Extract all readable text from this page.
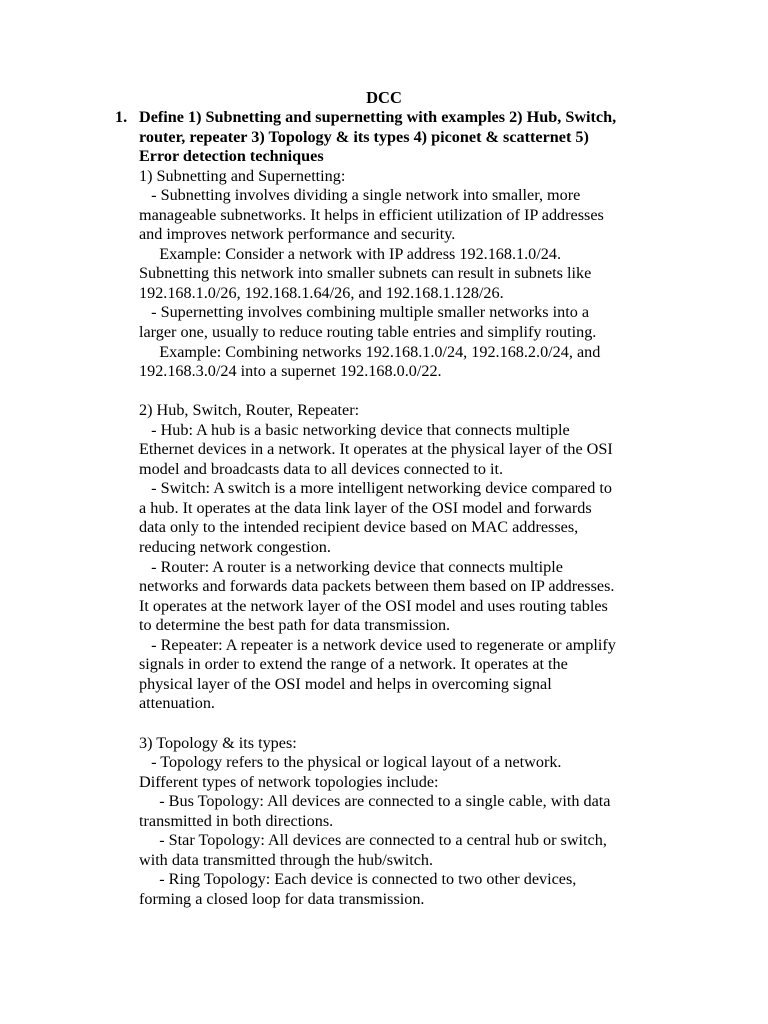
DCC
1. Define 1) Subnetting and supernetting with examples 2) Hub, Switch,
router, repeater 3) Topology & its types 4) piconet & scatternet 5)
Error detection techniques
1) Subnetting and Supernetting:
- Subnetting involves dividing a single network into smaller, more
manageable subnetworks. It helps in efficient utilization of IP addresses
and improves network performance and security.
Example: Consider a network with IP address 192.168.1.0/24.
Subnetting this network into smaller subnets can result in subnets like
192.168.1.0/26, 192.168.1.64/26, and 192.168.1.128/26.
- Supernetting involves combining multiple smaller networks into a
larger one, usually to reduce routing table entries and simplify routing.
Example: Combining networks 192.168.1.0/24, 192.168.2.0/24, and
192.168.3.0/24 into a supernet 192.168.0.0/22.
2) Hub, Switch, Router, Repeater:
- Hub: A hub is a basic networking device that connects multiple
Ethernet devices in a network. It operates at the physical layer of the OSI
model and broadcasts data to all devices connected to it.
- Switch: A switch is a more intelligent networking device compared to
a hub. It operates at the data link layer of the OSI model and forwards
data only to the intended recipient device based on MAC addresses,
reducing network congestion.
- Router: A router is a networking device that connects multiple
networks and forwards data packets between them based on IP addresses.
It operates at the network layer of the OSI model and uses routing tables
to determine the best path for data transmission.
- Repeater: A repeater is a network device used to regenerate or amplify
signals in order to extend the range of a network. It operates at the
physical layer of the OSI model and helps in overcoming signal
attenuation.
3) Topology & its types:
- Topology refers to the physical or logical layout of a network.
Different types of network topologies include:
- Bus Topology: All devices are connected to a single cable, with data
transmitted in both directions.
- Star Topology: All devices are connected to a central hub or switch,
with data transmitted through the hub/switch.
- Ring Topology: Each device is connected to two other devices,
forming a closed loop for data transmission.
